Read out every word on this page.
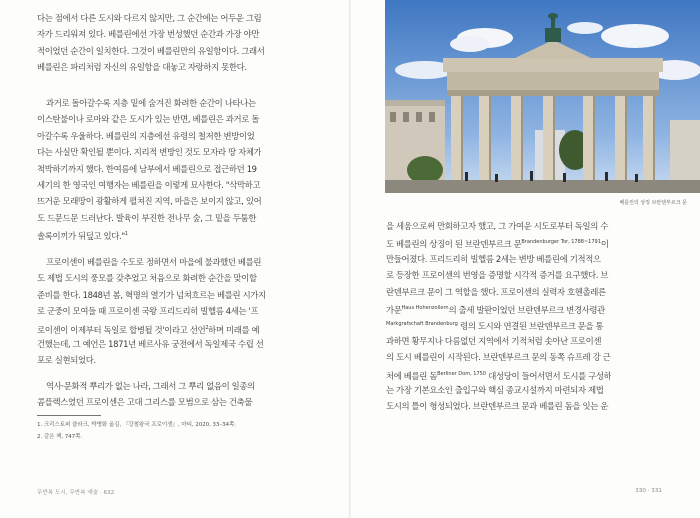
다는 점에서 다른 도시와 다르지 않지만, 그 순간에는 어두운 그림
자가 드리워져 있다. 베를린에선 가장 번성했던 순간과 가장 야만
적이었던 순간이 일치한다. 그것이 베를린만의 유일함이다. 그래서
베를린은 파리처럼 자신의 유일함을 대놓고 자랑하지 못한다.
과거로 돌아갈수록 지층 밑에 숨겨진 화려한 순간이 나타나는
이스탄불이나 로마와 같은 도시가 있는 반면, 베를린은 과거로 돌
아갈수록 우울하다. 베를린의 지층에선 유령의 철저한 변방이었
다는 사실만 확인될 뿐이다. 지리적 변방인 것도 모자라 땅 자체가
척박하기까지 했다. 한여름에 남부에서 베를린으로 접근하던 19
세기의 한 영국인 여행자는 베를린을 이렇게 묘사한다. "삭막하고
뜨거운 모래땅이 광활하게 펼쳐진 지역, 마을은 보이지 않고, 있어
도 드문드문 드러난다. 발육이 부진한 전나무 숲, 그 밑을 두툼한
솔록이끼가 뒤덮고 있다."$^1$
프로이센이 베를린을 수도로 정하면서 마을에 불과했던 베를린
도 제법 도시의 풍모를 갖추었고 처음으로 화려한 순간을 맞이할
준비를 한다. 1848년 봄, 혁명의 열기가 넘쳐흐르는 베를린 시가지
로 군중이 모여들 때 프로이센 국왕 프리드리히 빌헬름 4세는 '프
로이센이 이제부터 독일로 합병될 것'이라고 선언$^2$하며 미래를 예
건했는데, 그 예언은 1871년 베르사유 궁전에서 독일제국 수립 선
포로 실현되었다.
역사·문화적 뿌리가 없는 나라, 그래서 그 뿌리 없음이 일종의
콤플렉스였던 프로이센은 고대 그리스를 모범으로 삼는 건축물
1. 크리스토퍼 클라크, 박병화 옮김, 『강철왕국 프로이센』, 마티, 2020, 33–34쪽.
2. 같은 책, 747쪽.
무반복 도시, 무반복 예술 · 632
베를린의 상징 브란덴부르크 문
을 세움으로써 만회하고자 했고, 그 가여운 시도로부터 독일의 수
도 베를린의 상징이 된 브란덴부르크 문$^{Brandenburger Tor, 1788\sim 1791}$이
만들어졌다. 프리드리히 빌헬름 2세는 변방 베를린에 기적적으
로 등장한 프로이센의 번영을 증명할 시각적 증거를 요구했다. 브
란덴부르크 문이 그 역할을 했다. 프로이센의 실력자 호헨촐레른
가문$^{Haus Hohenzollern}$의 출세 발판이었던 브란덴부르크 변경사령관
$^{Markgrafschaft Brandenburg}$ 령의 도시와 연결된 브란덴부르크 문을 통
과하면 황무지나 다름없던 지역에서 기적처럼 솟아난 프로이센
의 도시 베를린이 시작된다. 브란덴부르크 문의 동쪽 슈프레 강 근
처에 베를린 돔$^{Berliner Dom, 1750}$ 대성당이 들어서면서 도시를 구성하
는 가장 기본요소인 출입구와 핵심 종교시설까지 마련되자 제법
도시의 틀이 형성되었다. 브란덴부르크 문과 베를린 돔을 잇는 운
330 · 331
